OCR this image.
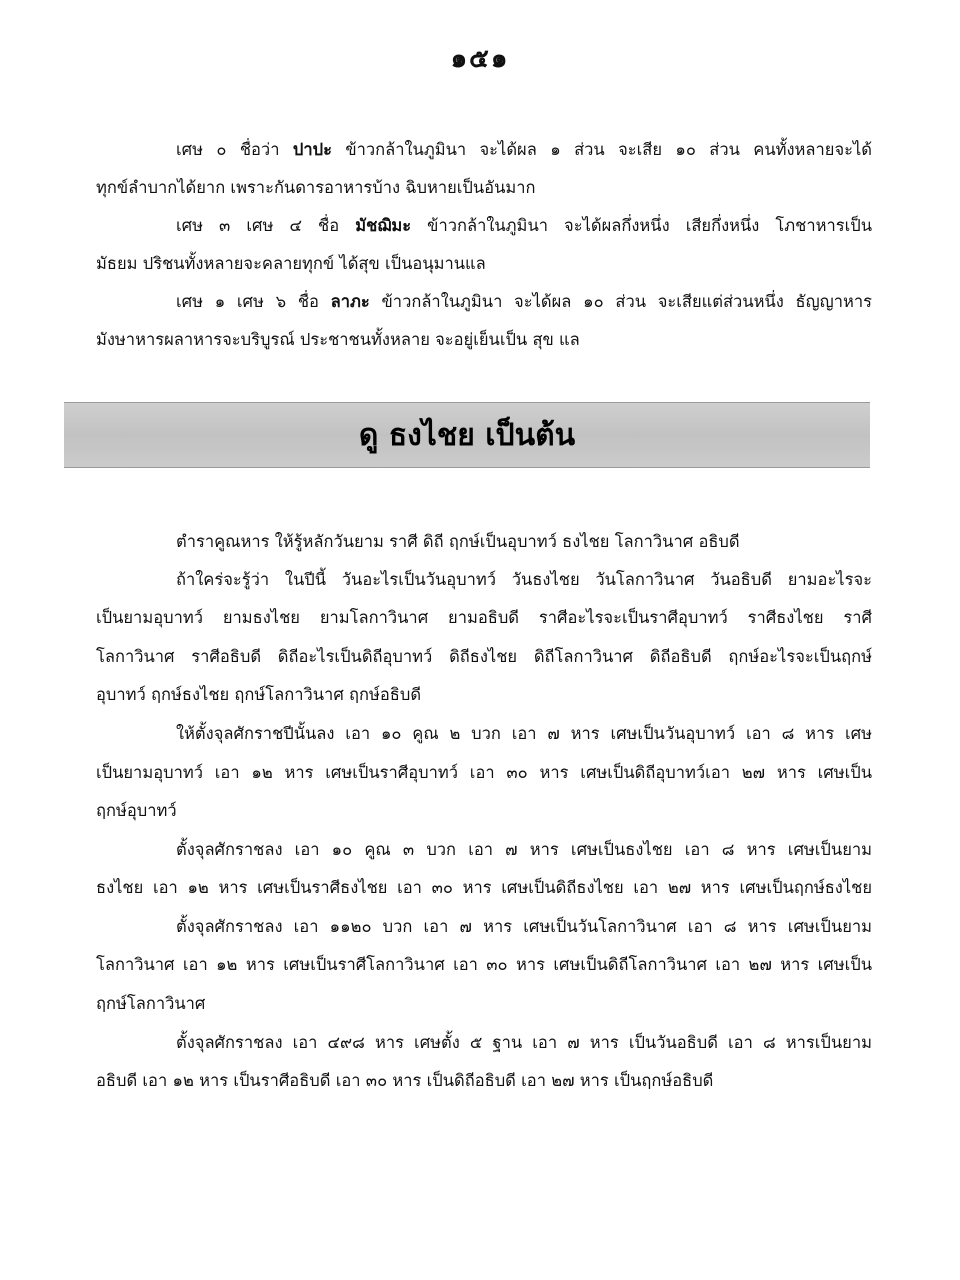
๑๕๑
เศษ ๐ ชื่อว่า ปาปะ ข้าวกล้าในภูมินา จะได้ผล ๑ ส่วน จะเสีย ๑๐ ส่วน คนทั้งหลายจะได้
ทุกข์ลำบากได้ยาก เพราะกันดารอาหารบ้าง ฉิบหายเป็นอันมาก
เศษ ๓ เศษ ๔ ชื่อ มัชฌิมะ ข้าวกล้าในภูมินา จะได้ผลกึ่งหนึ่ง เสียกึ่งหนึ่ง โภชาหารเป็น
มัธยม ปริชนทั้งหลายจะคลายทุกข์ ได้สุข เป็นอนุมานแล
เศษ ๑ เศษ ๖ ชื่อ ลาภะ ข้าวกล้าในภูมินา จะได้ผล ๑๐ ส่วน จะเสียแต่ส่วนหนึ่ง ธัญญาหาร
มังษาหารผลาหารจะบริบูรณ์ ประชาชนทั้งหลาย จะอยู่เย็นเป็น สุข แล
ดู ธงไชย เป็นต้น
ตำราคูณหาร ให้รู้หลักวันยาม ราศี ดิถี ฤกษ์เป็นอุบาทว์ ธงไชย โลกาวินาศ อธิบดี
ถ้าใคร่จะรู้ว่า ในปีนี้ วันอะไรเป็นวันอุบาทว์ วันธงไชย วันโลกาวินาศ วันอธิบดี ยามอะไรจะ
เป็นยามอุบาทว์ ยามธงไชย ยามโลกาวินาศ ยามอธิบดี ราศีอะไรจะเป็นราศีอุบาทว์ ราศีธงไชย ราศี
โลกาวินาศ ราศีอธิบดี ดิถีอะไรเป็นดิถีอุบาทว์ ดิถีธงไชย ดิถีโลกาวินาศ ดิถีอธิบดี ฤกษ์อะไรจะเป็นฤกษ์
อุบาทว์ ฤกษ์ธงไชย ฤกษ์โลกาวินาศ ฤกษ์อธิบดี
ให้ตั้งจุลศักราชปีนั้นลง เอา ๑๐ คูณ ๒ บวก เอา ๗ หาร เศษเป็นวันอุบาทว์ เอา ๘ หาร เศษ
เป็นยามอุบาทว์ เอา ๑๒ หาร เศษเป็นราศีอุบาทว์ เอา ๓๐ หาร เศษเป็นดิถีอุบาทว์เอา ๒๗ หาร เศษเป็น
ฤกษ์อุบาทว์
ตั้งจุลศักราชลง เอา ๑๐ คูณ ๓ บวก เอา ๗ หาร เศษเป็นธงไชย เอา ๘ หาร เศษเป็นยาม
ธงไชย เอา ๑๒ หาร เศษเป็นราศีธงไชย เอา ๓๐ หาร เศษเป็นดิถีธงไชย เอา ๒๗ หาร เศษเป็นฤกษ์ธงไชย
ตั้งจุลศักราชลง เอา ๑๑๒๐ บวก เอา ๗ หาร เศษเป็นวันโลกาวินาศ เอา ๘ หาร เศษเป็นยาม
โลกาวินาศ เอา ๑๒ หาร เศษเป็นราศีโลกาวินาศ เอา ๓๐ หาร เศษเป็นดิถีโลกาวินาศ เอา ๒๗ หาร เศษเป็น
ฤกษ์โลกาวินาศ
ตั้งจุลศักราชลง เอา ๔๙๘ หาร เศษตั้ง ๕ ฐาน เอา ๗ หาร เป็นวันอธิบดี เอา ๘ หารเป็นยาม
อธิบดี เอา ๑๒ หาร เป็นราศีอธิบดี เอา ๓๐ หาร เป็นดิถีอธิบดี เอา ๒๗ หาร เป็นฤกษ์อธิบดี
